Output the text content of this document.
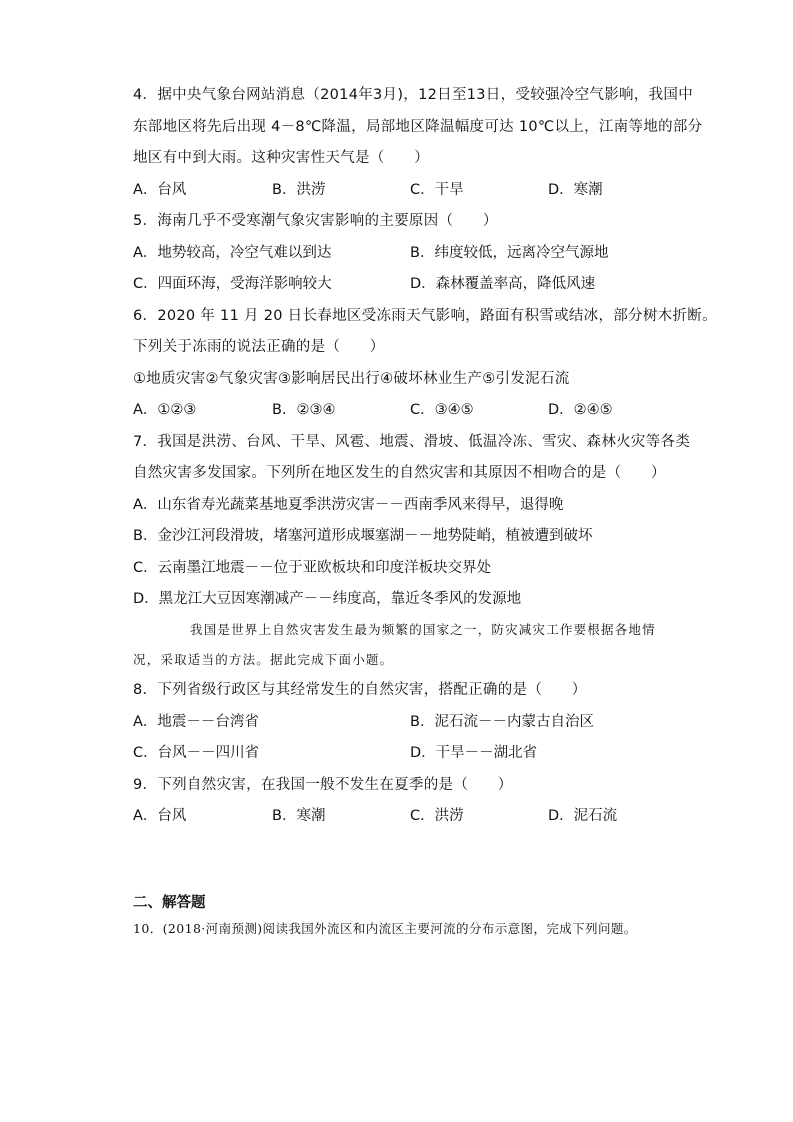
4．据中央气象台网站消息（2014年3月)，12日至13日，受较强冷空气影响，我国中
东部地区将先后出现 4－8℃降温，局部地区降温幅度可达 10℃以上，江南等地的部分
地区有中到大雨。这种灾害性天气是（　　）
A．台风	B．洪涝	C．干旱	D．寒潮
5．海南几乎不受寒潮气象灾害影响的主要原因（　　）
A．地势较高，冷空气难以到达	B．纬度较低，远离冷空气源地
C．四面环海，受海洋影响较大	D．森林覆盖率高，降低风速
6．2020 年 11 月 20 日长春地区受冻雨天气影响，路面有积雪或结冰，部分树木折断。
下列关于冻雨的说法正确的是（　　）
①地质灾害②气象灾害③影响居民出行④破坏林业生产⑤引发泥石流
A．①②③	B．②③④	C．③④⑤	D．②④⑤
7．我国是洪涝、台风、干旱、风雹、地震、滑坡、低温冷冻、雪灾、森林火灾等各类
自然灾害多发国家。下列所在地区发生的自然灾害和其原因不相吻合的是（　　）
A．山东省寿光蔬菜基地夏季洪涝灾害－－西南季风来得早，退得晚
B．金沙江河段滑坡，堵塞河道形成堰塞湖－－地势陡峭，植被遭到破坏
C．云南墨江地震－－位于亚欧板块和印度洋板块交界处
D．黑龙江大豆因寒潮减产－－纬度高，靠近冬季风的发源地
我国是世界上自然灾害发生最为频繁的国家之一，防灾减灾工作要根据各地情
况，采取适当的方法。据此完成下面小题。
8．下列省级行政区与其经常发生的自然灾害，搭配正确的是（　　）
A．地震－－台湾省	B．泥石流－－内蒙古自治区
C．台风－－四川省	D．干旱－－湖北省
9．下列自然灾害，在我国一般不发生在夏季的是（　　）
A．台风	B．寒潮	C．洪涝	D．泥石流
二、解答题
10．(2018·河南预测)阅读我国外流区和内流区主要河流的分布示意图，完成下列问题。
